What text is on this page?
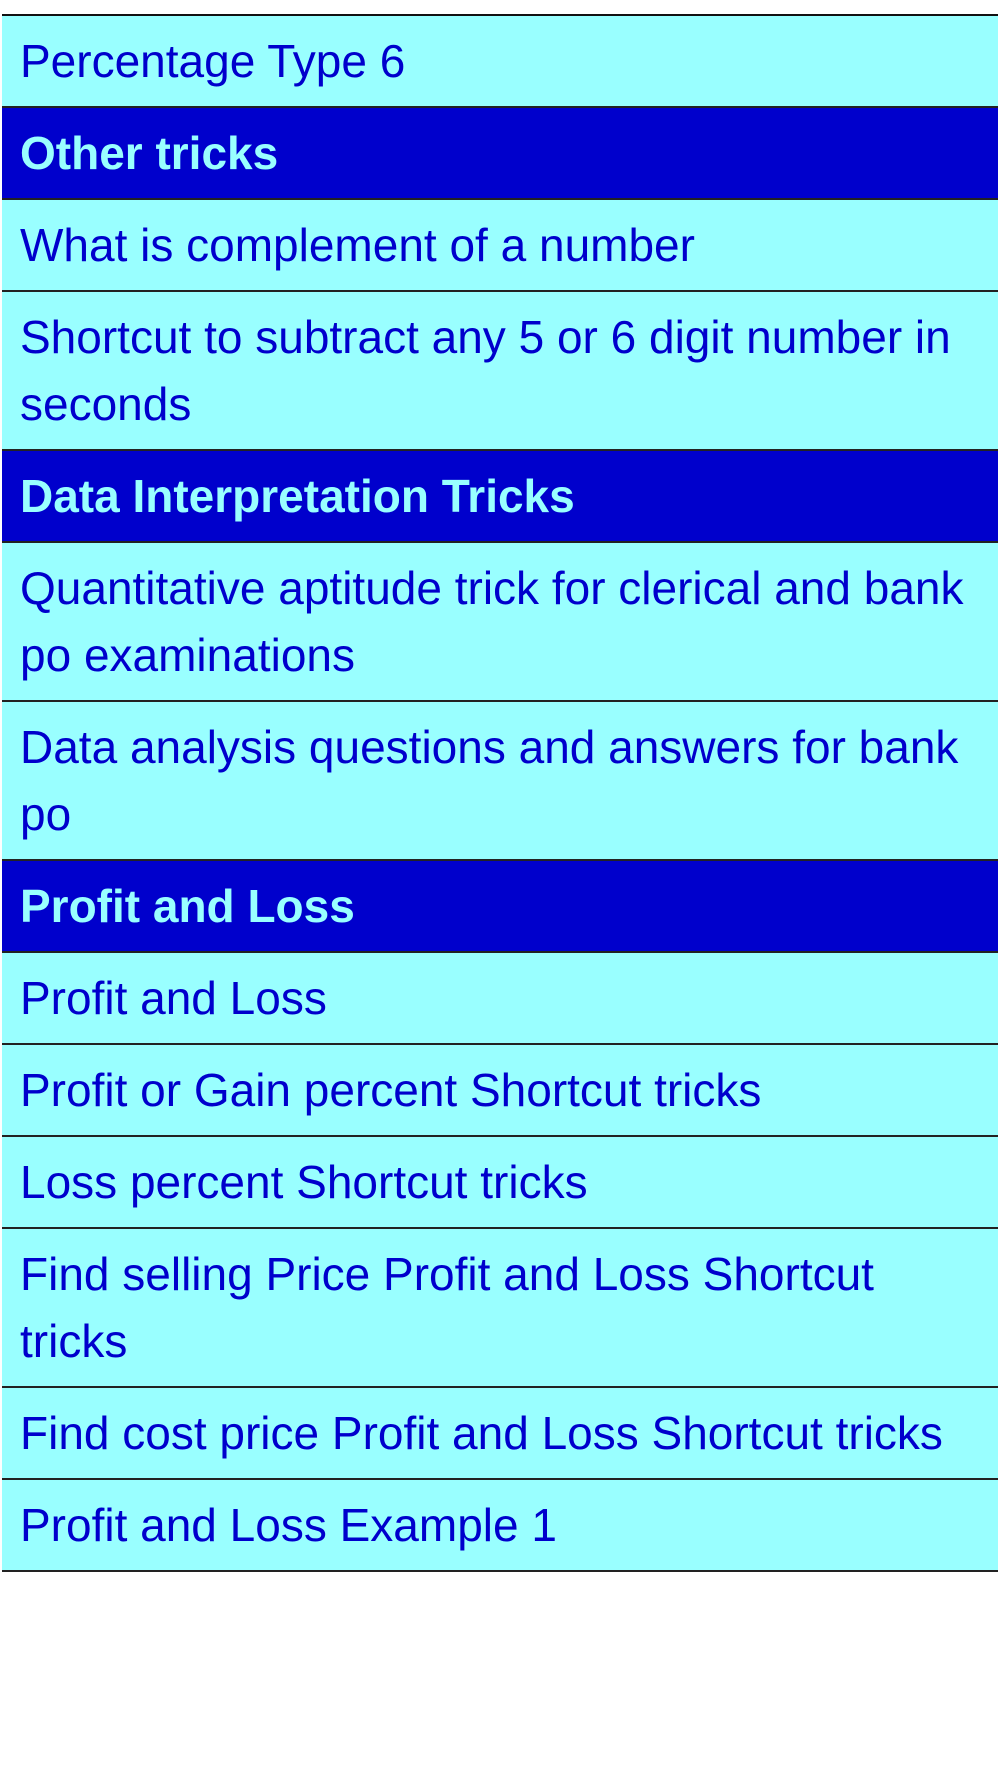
Percentage Type 6
Other tricks
What is complement of a number
Shortcut to subtract any 5 or 6 digit number in seconds
Data Interpretation Tricks
Quantitative aptitude trick for clerical and bank po examinations
Data analysis questions and answers for bank po
Profit and Loss
Profit and Loss
Profit or Gain percent Shortcut tricks
Loss percent Shortcut tricks
Find selling Price Profit and Loss Shortcut tricks
Find cost price Profit and Loss Shortcut tricks
Profit and Loss Example 1
